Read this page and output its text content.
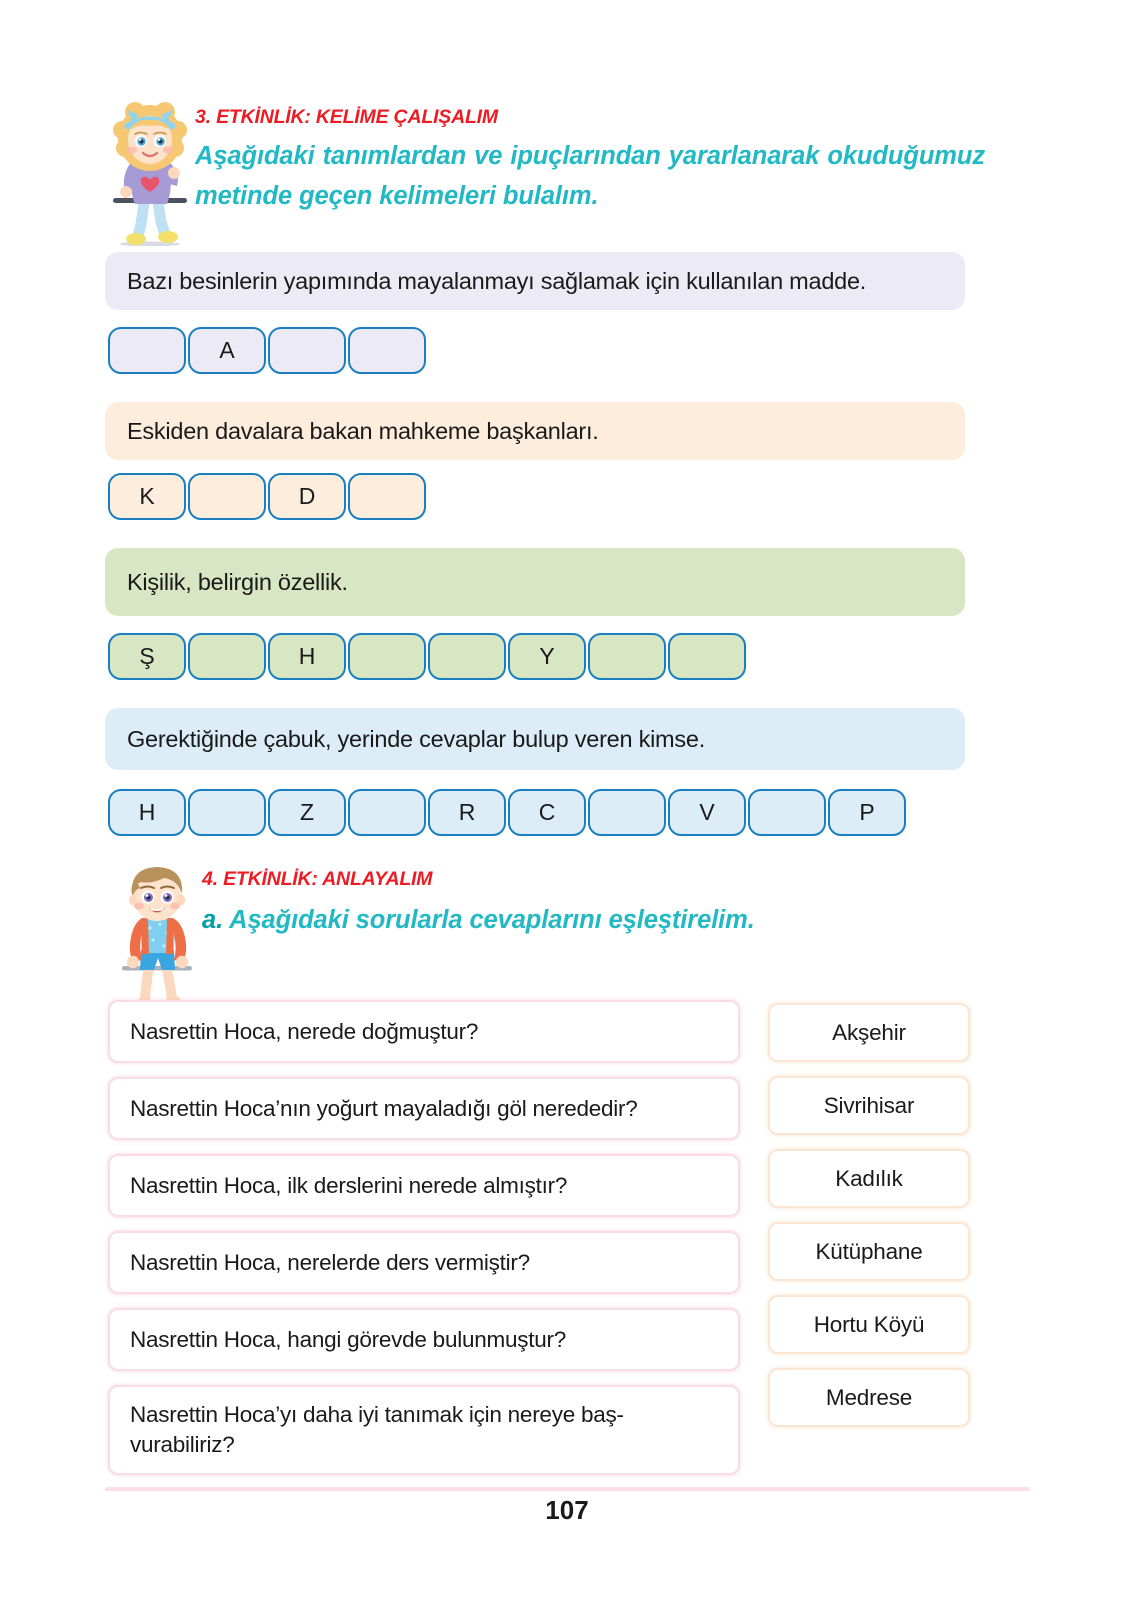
3. ETKİNLİK: KELİME ÇALIŞALIM
Aşağıdaki tanımlardan ve ipuçlarından yararlanarak okuduğumuz metinde geçen kelimeleri bulalım.
Bazı besinlerin yapımında mayalanmayı sağlamak için kullanılan madde.
A
Eskiden davalara bakan mahkeme başkanları.
K	D
Kişilik, belirgin özellik.
Ş	H	Y
Gerektiğinde çabuk, yerinde cevaplar bulup veren kimse.
H	Z	R	C	V	P
4. ETKİNLİK: ANLAYALIM
a. Aşağıdaki sorularla cevaplarını eşleştirelim.
Nasrettin Hoca, nerede doğmuştur?
Nasrettin Hoca’nın yoğurt mayaladığı göl nerededir?
Nasrettin Hoca, ilk derslerini nerede almıştır?
Nasrettin Hoca, nerelerde ders vermiştir?
Nasrettin Hoca, hangi görevde bulunmuştur?
Nasrettin Hoca’yı daha iyi tanımak için nereye baş-vurabiliriz?
Akşehir
Sivrihisar
Kadılık
Kütüphane
Hortu Köyü
Medrese
107
